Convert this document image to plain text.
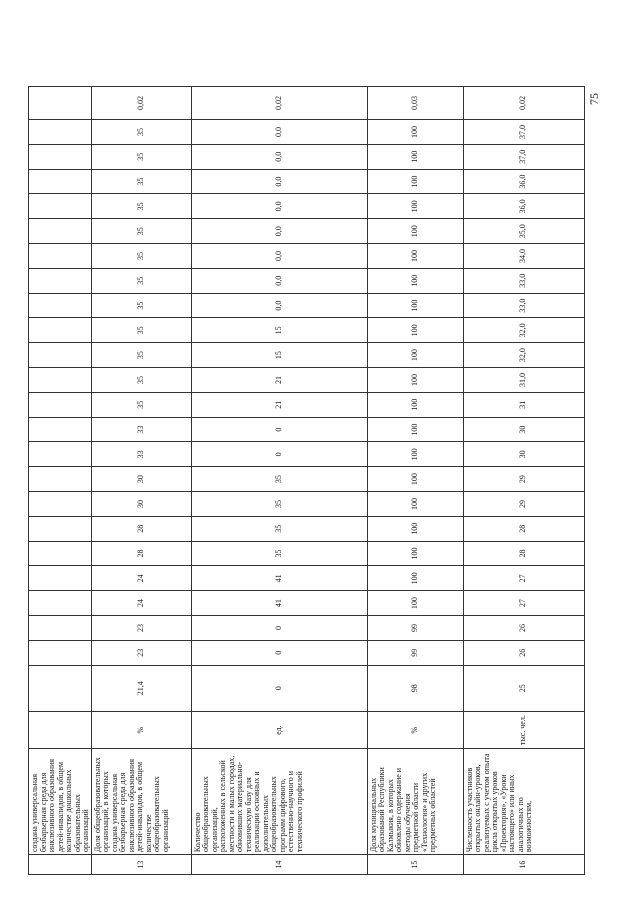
75
	создана универсальная безбарьерная среда для инклюзивного образования детей-инвалидов, в общем количестве дошкольных образовательных организаций																									
13	Доля общеобразовательных организаций, в которых создана универсальная безбарьерная среда для инклюзивного образования детей-инвалидов, в общем количестве общеобразовательных организаций	%	21,4	23	23	24	24	28	28	30	30	33	33	35	35	35	35	35	35	35	35	35	35	35	35	0,02
14	Количество общеобразовательных организаций, расположенных в сельской местности и малых городах, обновивших материально-техническую базу для реализации основных и дополнительных общеобразовательных программ цифрового, естественно-научного и технического профилей	ед.	0	0	0	41	41	35	35	35	35	0	0	21	21	15	15	0,0	0,0	0,0	0,0	0,0	0,0	0,0	0,0	0,02
15	Доля муниципальных образований Республики Калмыкия, в которых обновлено содержание и методы обучения предметной области «Технология» и других предметных областей	%	98	99	99	100	100	100	100	100	100	100	100	100	100	100	100	100	100	100	100	100	100	100	100	0,03
16	Численность участников открытых онлайн-уроков, реализуемых с учетом опыта цикла открытых уроков «Проектория», «Уроки настоящего» или иных аналогичных по возможностям,	тыс. чел.	25	26	26	27	27	28	28	29	29	30	30	31	31,0	32,0	32,0	33,0	33,0	34,0	35,0	36,0	36,0	37,0	37,0	0,02
